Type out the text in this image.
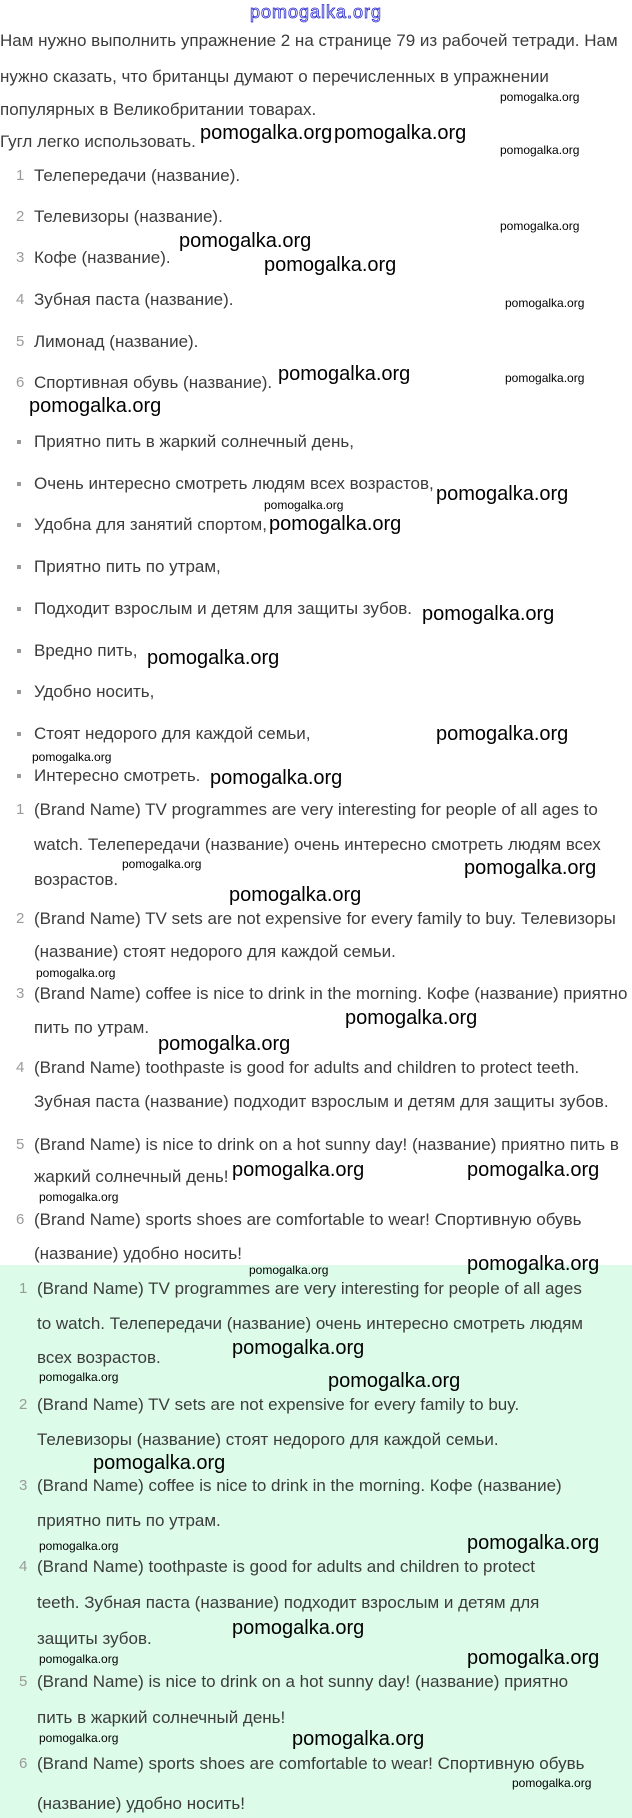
pomogalka.org
Нам нужно выполнить упражнение 2 на странице 79 из рабочей тетради. Нам
нужно сказать, что британцы думают о перечисленных в упражнении
популярных в Великобритании товарах.
Гугл легко использовать.
1 Телепередачи (название).
2 Телевизоры (название).
3 Кофе (название).
4 Зубная паста (название).
5 Лимонад (название).
6 Спортивная обувь (название).
Приятно пить в жаркий солнечный день,
Очень интересно смотреть людям всех возрастов,
Удобна для занятий спортом,
Приятно пить по утрам,
Подходит взрослым и детям для защиты зубов.
Вредно пить,
Удобно носить,
Стоят недорого для каждой семьи,
Интересно смотреть.
1 (Brand Name) TV programmes are very interesting for people of all ages to
watch. Телепередачи (название) очень интересно смотреть людям всех
возрастов.
2 (Brand Name) TV sets are not expensive for every family to buy. Телевизоры
(название) стоят недорого для каждой семьи.
3 (Brand Name) coffee is nice to drink in the morning. Кофе (название) приятно
пить по утрам.
4 (Brand Name) toothpaste is good for adults and children to protect teeth.
Зубная паста (название) подходит взрослым и детям для защиты зубов.
5 (Brand Name) is nice to drink on a hot sunny day! (название) приятно пить в
жаркий солнечный день!
6 (Brand Name) sports shoes are comfortable to wear! Спортивную обувь
(название) удобно носить!
1 (Brand Name) TV programmes are very interesting for people of all ages
to watch. Телепередачи (название) очень интересно смотреть людям
всех возрастов.
2 (Brand Name) TV sets are not expensive for every family to buy.
Телевизоры (название) стоят недорого для каждой семьи.
3 (Brand Name) coffee is nice to drink in the morning. Кофе (название)
приятно пить по утрам.
4 (Brand Name) toothpaste is good for adults and children to protect
teeth. Зубная паста (название) подходит взрослым и детям для
защиты зубов.
5 (Brand Name) is nice to drink on a hot sunny day! (название) приятно
пить в жаркий солнечный день!
6 (Brand Name) sports shoes are comfortable to wear! Спортивную обувь
(название) удобно носить!
pomogalka.org
pomogalka.org
pomogalka.org
pomogalka.org
pomogalka.org
pomogalka.org
pomogalka.org
pomogalka.org
pomogalka.org
pomogalka.org	pomogalka.org
pomogalka.org
pomogalka.org
pomogalka.org
pomogalka.org
pomogalka.org
pomogalka.org
pomogalka.org
pomogalka.org
pomogalka.org	pomogalka.org
pomogalka.org
pomogalka.org
pomogalka.org
pomogalka.org
pomogalka.org
pomogalka.org
pomogalka.org
pomogalka.org
pomogalka.org
pomogalka.org
pomogalka.org	pomogalka.org
pomogalka.org
pomogalka.org
pomogalka.org
pomogalka.org
pomogalka.org	pomogalka.org
pomogalka.org	pomogalka.org
pomogalka.org
